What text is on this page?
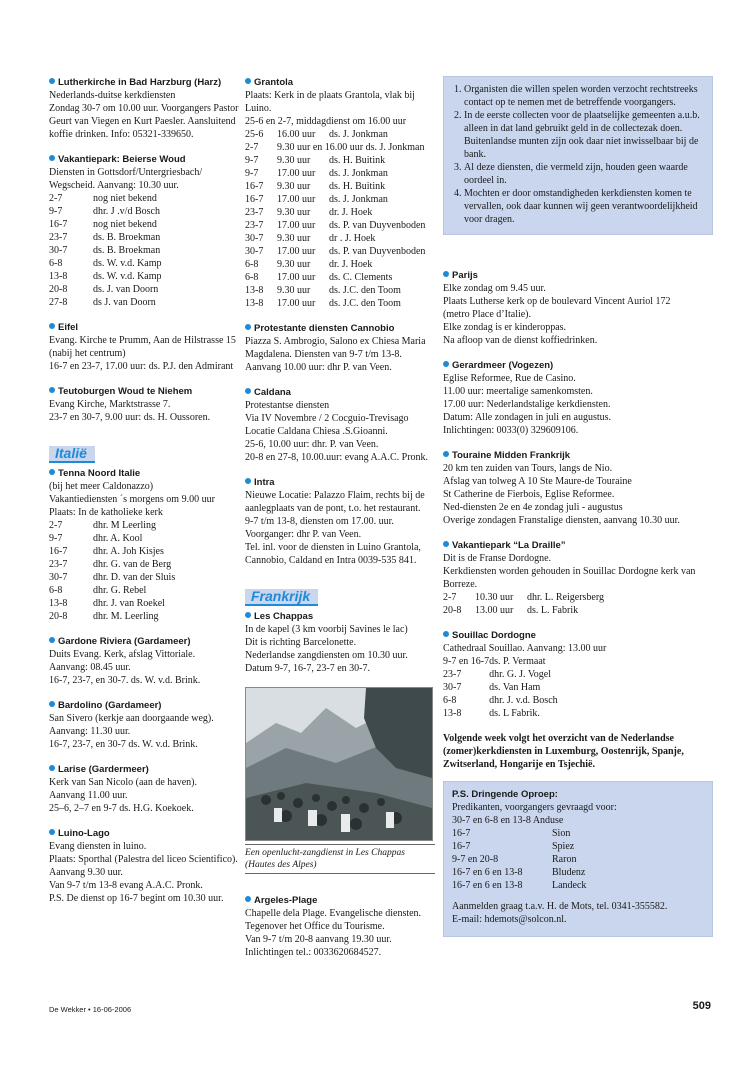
Lutherkirche in Bad Harzburg (Harz)
Nederlands-duitse kerkdiensten
Zondag 30-7 om 10.00 uur. Voorgangers Pastor
Geurt van Viegen en Kurt Paesler. Aansluitend
koffie drinken. Info: 05321-339650.
Vakantiepark: Beierse Woud
Diensten in Gottsdorf/Untergriesbach/
Wegscheid. Aanvang: 10.30 uur.
2-7	nog niet bekend
9-7	dhr. J .v/d Bosch
16-7	nog niet bekend
23-7	ds. B. Broekman
30-7	ds. B. Broekman
6-8	ds. W. v.d. Kamp
13-8	ds. W. v.d. Kamp
20-8	ds. J. van Doorn
27-8	ds J. van Doorn
Eifel
Evang. Kirche te Prumm, Aan de Hilstrasse 15
(nabij het centrum)
16-7 en 23-7, 17.00 uur: ds. P.J. den Admirant
Teutoburgen Woud te Niehem
Evang Kirche, Marktstrasse 7.
23-7 en 30-7, 9.00 uur: ds. H. Oussoren.
Italië
Tenna Noord Italie
(bij het meer Caldonazzo)
Vakantiediensten ´s morgens om 9.00 uur
Plaats: In de katholieke kerk
2-7	dhr. M Leerling
9-7	dhr. A. Kool
16-7	dhr. A. Joh Kisjes
23-7	dhr. G. van de Berg
30-7	dhr. D. van der Sluis
6-8	dhr. G. Rebel
13-8	dhr. J. van Roekel
20-8	dhr. M. Leerling
Gardone Riviera (Gardameer)
Duits Evang. Kerk, afslag Vittoriale.
Aanvang: 08.45 uur.
16-7, 23-7, en 30-7. ds. W. v.d. Brink.
Bardolino (Gardameer)
San Sivero (kerkje aan doorgaande weg).
Aanvang: 11.30 uur.
16-7, 23-7, en 30-7 ds. W. v.d. Brink.
Larise (Gardermeer)
Kerk van San Nicolo (aan de haven).
Aanvang 11.00 uur.
25–6, 2–7 en 9-7 ds. H.G. Koekoek.
Luino-Lago
Evang diensten in luino.
Plaats: Sporthal (Palestra del liceo Scientifico).
Aanvang 9.30 uur.
Van 9-7 t/m 13-8 evang A.A.C. Pronk.
P.S. De dienst op 16-7 begint om 10.30 uur.
Grantola
Plaats: Kerk in de plaats Grantola, vlak bij
Luino.
25-6 en 2-7, middagdienst om 16.00 uur
25-6	16.00 uur	ds. J. Jonkman
2-7	9.30 uur en 16.00 uur ds. J. Jonkman	
9-7	9.30 uur	ds. H. Buitink
9-7	17.00 uur	ds. J. Jonkman
16-7	9.30 uur	ds. H. Buitink
16-7	17.00 uur	ds. J. Jonkman
23-7	9.30 uur	dr. J. Hoek
23-7	17.00 uur	ds. P. van Duyvenboden
30-7	9.30 uur	dr . J. Hoek
30-7	17.00 uur	ds. P. van Duyvenboden
6-8	9.30 uur	dr. J. Hoek
6-8	17.00 uur	ds. C. Clements
13-8	9.30 uur	ds. J.C. den Toom
13-8	17.00 uur	ds. J.C. den Toom
Protestante diensten Cannobio
Piazza S. Ambrogio, Salono ex Chiesa Maria
Magdalena. Diensten van 9-7 t/m 13-8.
Aanvang 10.00 uur: dhr P. van Veen.
Caldana
Protestantse diensten
Via IV Novembre / 2 Cocguio-Trevisago
Locatie Caldana Chiesa .S.Gioanni.
25-6, 10.00 uur: dhr. P. van Veen.
20-8 en 27-8, 10.00.uur: evang A.A.C. Pronk.
Intra
Nieuwe Locatie: Palazzo Flaim, rechts bij de
aanlegplaats van de pont, t.o. het restaurant.
9-7 t/m 13-8, diensten om 17.00. uur.
Voorganger: dhr P. van Veen.
Tel. inl. voor de diensten in Luino Grantola,
Cannobio, Caldand en Intra 0039-535 841.
Frankrijk
Les Chappas
In de kapel (3 km voorbij Savines le lac)
Dit is richting Barcelonette.
Nederlandse zangdiensten om 10.30 uur.
Datum 9-7, 16-7, 23-7 en 30-7.
Een openlucht-zangdienst in Les Chappas
(Hautes des Alpes)
Argeles-Plage
Chapelle dela Plage. Evangelische diensten.
Tegenover het Office du Tourisme.
Van 9-7 t/m 20-8 aanvang 19.30 uur.
Inlichtingen tel.: 0033620684527.
1. Organisten die willen spelen worden verzocht rechtstreeks contact op te nemen met de betreffende voorgangers.
2. In de eerste collecten voor de plaatselijke gemeenten a.u.b. alleen in dat land gebruikt geld in de collectezak doen. Buitenlandse munten zijn ook daar niet inwisselbaar bij de bank.
3. Al deze diensten, die vermeld zijn, houden geen waarde oordeel in.
4. Mochten er door omstandigheden kerkdiensten komen te vervallen, ook daar kunnen wij geen verantwoordelijkheid voor dragen.
Parijs
Elke zondag om 9.45 uur.
Plaats Lutherse kerk op de boulevard Vincent Auriol 172
(metro Place d’Italie).
Elke zondag is er kinderoppas.
Na afloop van de dienst koffiedrinken.
Gerardmeer (Vogezen)
Eglise Reformee, Rue de Casino.
11.00 uur: meertalige samenkomsten.
17.00 uur: Nederlandstalige kerkdiensten.
Datum: Alle zondagen in juli en augustus.
Inlichtingen: 0033(0) 329609106.
Touraine Midden Frankrijk
20 km ten zuiden van Tours, langs de Nio.
Afslag van tolweg A 10 Ste Maure-de Touraine
St Catherine de Fierbois, Eglise Reformee.
Ned-diensten 2e en 4e zondag juli - augustus
Overige zondagen Franstalige diensten, aanvang 10.30 uur.
Vakantiepark “La Draille”
Dit is de Franse Dordogne.
Kerkdiensten worden gehouden in Souillac Dordogne kerk van
Borreze.
2-7	10.30 uur	dhr. L. Reigersberg
20-8	13.00 uur	ds. L. Fabrik
Souillac Dordogne
Cathedraal Souillao. Aanvang: 13.00 uur
9-7 en 16-7	ds. P. Vermaat
23-7	dhr. G. J. Vogel
30-7	ds. Van Ham
6-8	dhr. J. v.d. Bosch
13-8	ds. L Fabrik.
Volgende week volgt het overzicht van de Nederlandse
(zomer)kerkdiensten in Luxemburg, Oostenrijk, Spanje,
Zwitserland, Hongarije en Tsjechië.
P.S. Dringende Oproep:
Predikanten, voorgangers gevraagd voor:
30-7 en 6-8 en 13-8 Anduse
16-7	Sion
16-7	Spiez
9-7 en 20-8	Raron
16-7 en 6 en 13-8	Bludenz
16-7 en 6 en 13-8	Landeck
Aanmelden graag t.a.v. H. de Mots, tel. 0341-355582.
E-mail: hdemots@solcon.nl.
De Wekker • 16-06-2006	509
